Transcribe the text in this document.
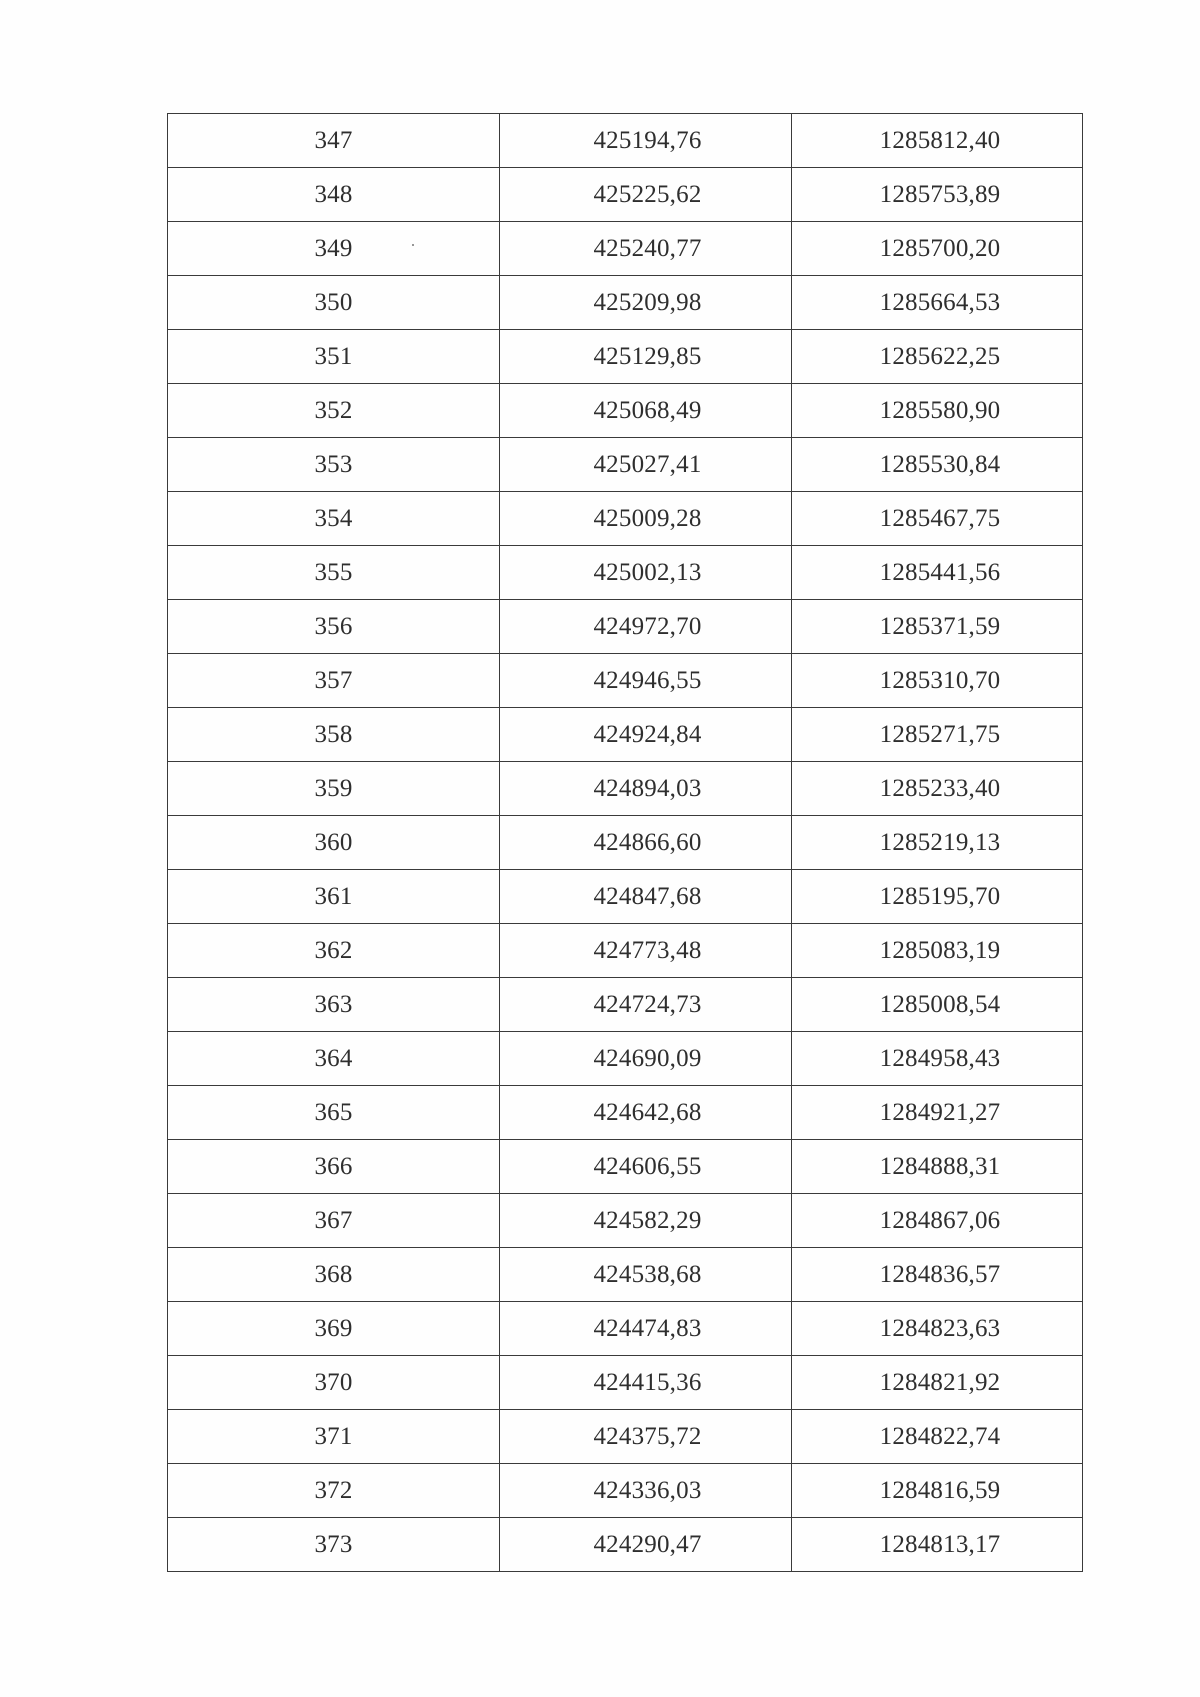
347	425194,76	1285812,40
348	425225,62	1285753,89
349	425240,77	1285700,20
350	425209,98	1285664,53
351	425129,85	1285622,25
352	425068,49	1285580,90
353	425027,41	1285530,84
354	425009,28	1285467,75
355	425002,13	1285441,56
356	424972,70	1285371,59
357	424946,55	1285310,70
358	424924,84	1285271,75
359	424894,03	1285233,40
360	424866,60	1285219,13
361	424847,68	1285195,70
362	424773,48	1285083,19
363	424724,73	1285008,54
364	424690,09	1284958,43
365	424642,68	1284921,27
366	424606,55	1284888,31
367	424582,29	1284867,06
368	424538,68	1284836,57
369	424474,83	1284823,63
370	424415,36	1284821,92
371	424375,72	1284822,74
372	424336,03	1284816,59
373	424290,47	1284813,17
